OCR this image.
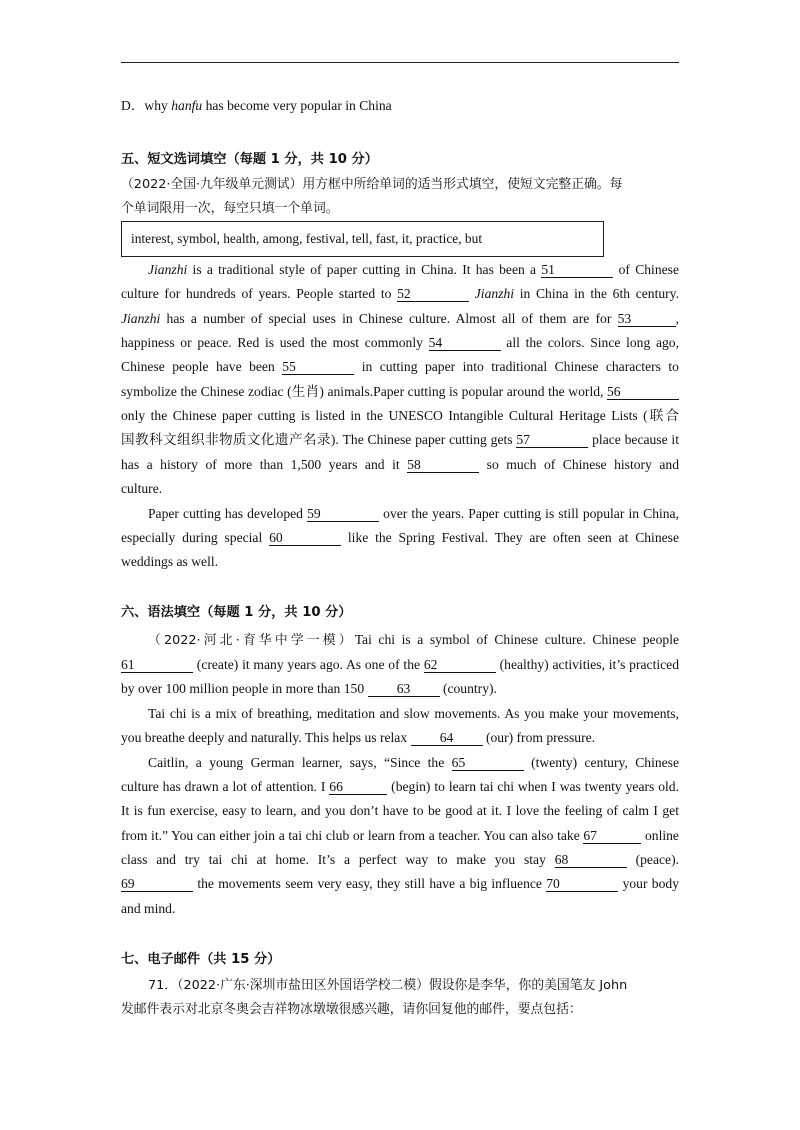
D．why hanfu has become very popular in China
五、短文选词填空（每题 1 分，共 10 分）
（2022·全国·九年级单元测试）用方框中所给单词的适当形式填空，使短文完整正确。每
个单词限用一次，每空只填一个单词。
interest, symbol, health, among, festival, tell, fast, it, practice, but
Jianzhi is a traditional style of paper cutting in China. It has been a 51	of Chinese
culture for hundreds of years. People started to 52	Jianzhi in China in the 6th century.
Jianzhi has a number of special uses in Chinese culture. Almost all of them are for 53	,
happiness or peace. Red is used the most commonly 54	all the colors. Since long ago,
Chinese people have been 55	in cutting paper into traditional Chinese characters to
symbolize the Chinese zodiac (生肖) animals.Paper cutting is popular around the world, 56
only the Chinese paper cutting is listed in the UNESCO Intangible Cultural Heritage Lists (联合
国教科文组织非物质文化遗产名录). The Chinese paper cutting gets 57	place because it
has a history of more than 1,500 years and it 58	so much of Chinese history and
culture.
Paper cutting has developed 59	over the years. Paper cutting is still popular in China,
especially during special 60	like the Spring Festival. They are often seen at Chinese
weddings as well.
六、语法填空（每题 1 分，共 10 分）
（2022·河北·育华中学一模）Tai chi is a symbol of Chinese culture. Chinese people
61	(create) it many years ago. As one of the 62	(healthy) activities, it’s practiced
by over 100 million people in more than 150 63 (country).
Tai chi is a mix of breathing, meditation and slow movements. As you make your movements,
you breathe deeply and naturally. This helps us relax 64 (our) from pressure.
Caitlin, a young German learner, says, “Since the 65	(twenty) century, Chinese
culture has drawn a lot of attention. I 66	(begin) to learn tai chi when I was twenty years old.
It is fun exercise, easy to learn, and you don’t have to be good at it. I love the feeling of calm I get
from it.” You can either join a tai chi club or learn from a teacher. You can also take 67	online
class and try tai chi at home. It’s a perfect way to make you stay 68	(peace).
69	the movements seem very easy, they still have a big influence 70	your body
and mind.
七、电子邮件（共 15 分）
71．（2022·广东·深圳市盐田区外国语学校二模）假设你是李华，你的美国笔友 John
发邮件表示对北京冬奥会吉祥物冰墩墩很感兴趣，请你回复他的邮件，要点包括：
